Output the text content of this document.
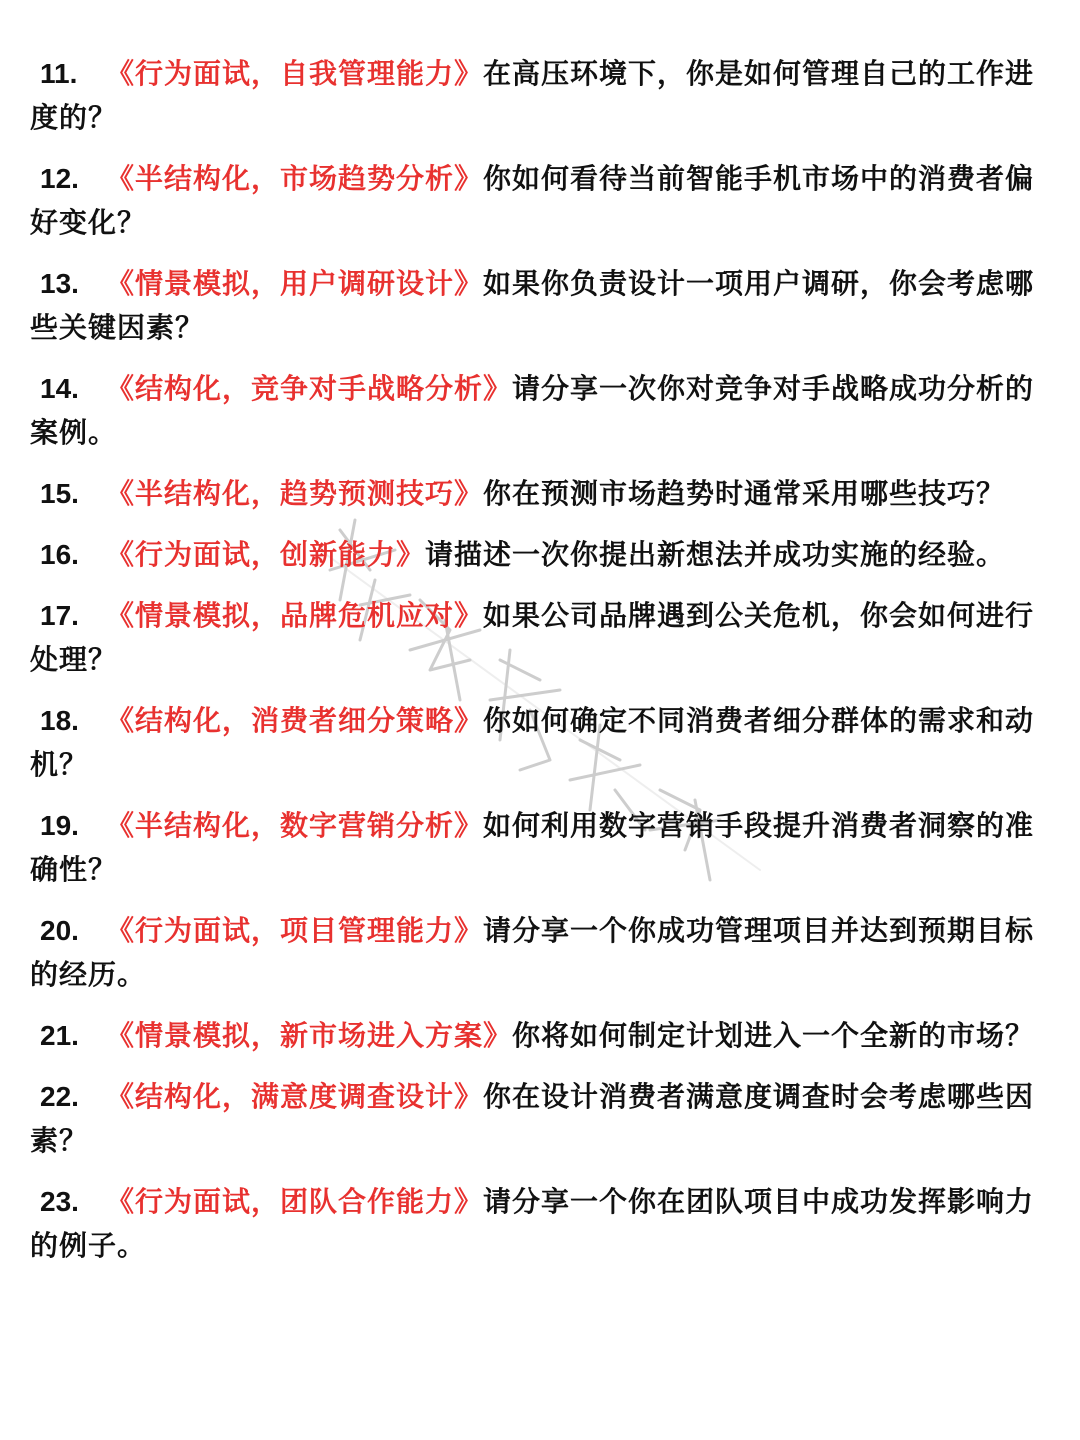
11. 《行为面试，自我管理能力》在高压环境下，你是如何管理自己的工作进度的？
12. 《半结构化，市场趋势分析》你如何看待当前智能手机市场中的消费者偏好变化？
13. 《情景模拟，用户调研设计》如果你负责设计一项用户调研，你会考虑哪些关键因素？
14. 《结构化，竞争对手战略分析》请分享一次你对竞争对手战略成功分析的案例。
15. 《半结构化，趋势预测技巧》你在预测市场趋势时通常采用哪些技巧？
16. 《行为面试，创新能力》请描述一次你提出新想法并成功实施的经验。
17. 《情景模拟，品牌危机应对》如果公司品牌遇到公关危机，你会如何进行处理？
18. 《结构化，消费者细分策略》你如何确定不同消费者细分群体的需求和动机？
19. 《半结构化，数字营销分析》如何利用数字营销手段提升消费者洞察的准确性？
20. 《行为面试，项目管理能力》请分享一个你成功管理项目并达到预期目标的经历。
21. 《情景模拟，新市场进入方案》你将如何制定计划进入一个全新的市场？
22. 《结构化，满意度调查设计》你在设计消费者满意度调查时会考虑哪些因素？
23. 《行为面试，团队合作能力》请分享一个你在团队项目中成功发挥影响力的例子。
